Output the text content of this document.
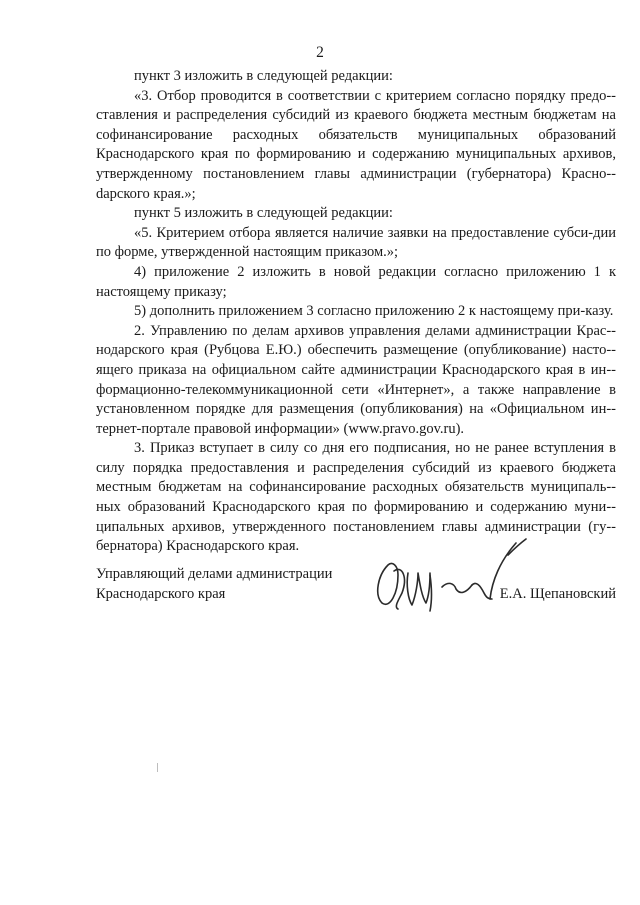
2

пункт 3 изложить в следующей редакции:

«3. Отбор проводится в соответствии с критерием согласно порядку предо-ставления и распределения субсидий из краевого бюджета местным бюджетам на софинансирование расходных обязательств муниципальных образований Краснодарского края по формированию и содержанию муниципальных архивов, утвержденному постановлением главы администрации (губернатора) Красно-dарского края.»;

пункт 5 изложить в следующей редакции:

«5. Критерием отбора является наличие заявки на предоставление субси-дии по форме, утвержденной настоящим приказом.»;

4) приложение 2 изложить в новой редакции согласно приложению 1 к настоящему приказу;

5) дополнить приложением 3 согласно приложению 2 к настоящему при-казу.

2. Управлению по делам архивов управления делами администрации Крас-нодарского края (Рубцова Е.Ю.) обеспечить размещение (опубликование) насто-ящего приказа на официальном сайте администрации Краснодарского края в ин-формационно-телекоммуникационной сети «Интернет», а также направление в установленном порядке для размещения (опубликования) на «Официальном ин-тернет-портале правовой информации» (www.pravo.gov.ru).

3. Приказ вступает в силу со дня его подписания, но не ранее вступления в силу порядка предоставления и распределения субсидий из краевого бюджета местным бюджетам на софинансирование расходных обязательств муниципаль-ных образований Краснодарского края по формированию и содержанию муни-ципальных архивов, утвержденного постановлением главы администрации (гу-бернатора) Краснодарского края.

Управляющий делами администрации Краснодарского края	Е.А. Щепановский
